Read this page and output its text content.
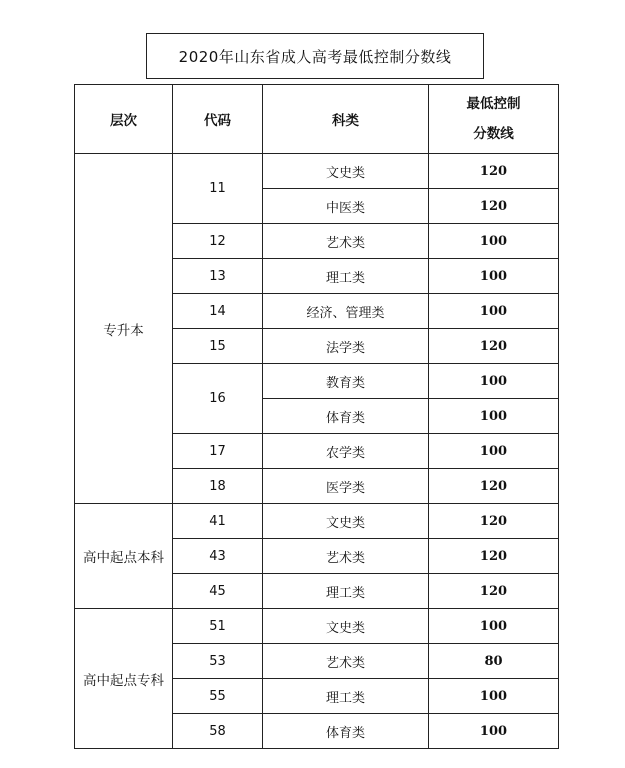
2020年山东省成人高考最低控制分数线
层次	代码	科类	最低控制
分数线

专升本	11	文史类	120
		中医类	120
	12	艺术类	100
	13	理工类	100
	14	经济、管理类	100
	15	法学类	120
	16	教育类	100
		体育类	100
	17	农学类	100
	18	医学类	120
高中起点本科	41	文史类	120
	43	艺术类	120
	45	理工类	120
高中起点专科	51	文史类	100
	53	艺术类	80
	55	理工类	100
	58	体育类	100
